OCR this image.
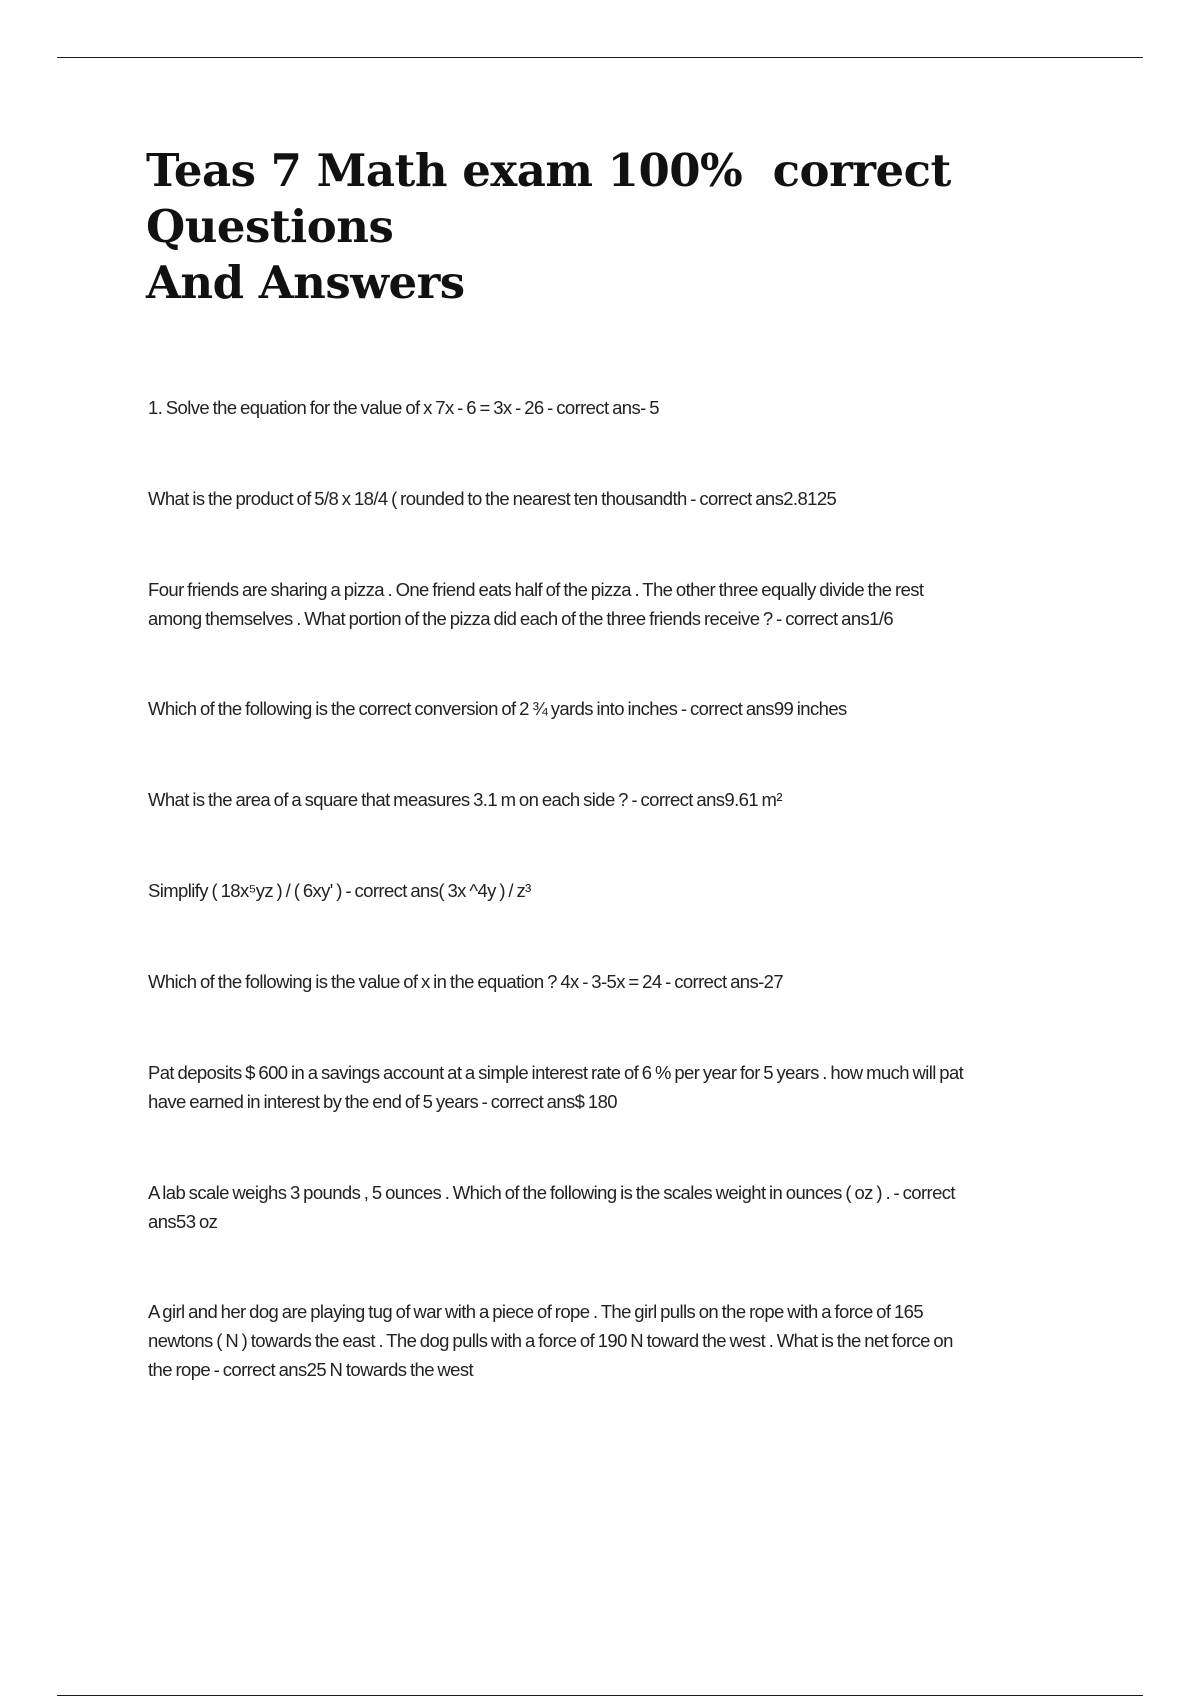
Teas 7 Math exam 100%  correct  Questions
And Answers
1. Solve the equation for the value of x 7x - 6 = 3x - 26 - correct ans- 5
What is the product of 5/8 x 18/4 ( rounded to the nearest ten thousandth - correct ans2.8125
Four friends are sharing a pizza . One friend eats half of the pizza . The other three equally divide the rest
among themselves . What portion of the pizza did each of the three friends receive ? - correct ans1/6
Which of the following is the correct conversion of 2 ¾ yards into inches - correct ans99 inches
What is the area of a square that measures 3.1 m on each side ? - correct ans9.61 m²
Simplify ( 18x⁵yz ) / ( 6xy' ) - correct ans( 3x ^4y ) / z³
Which of the following is the value of x in the equation ? 4x - 3-5x = 24 - correct ans-27
Pat deposits $ 600 in a savings account at a simple interest rate of 6 % per year for 5 years . how much will pat
have earned in interest by the end of 5 years - correct ans$ 180
A lab scale weighs 3 pounds , 5 ounces . Which of the following is the scales weight in ounces ( oz ) . - correct
ans53 oz
A girl and her dog are playing tug of war with a piece of rope . The girl pulls on the rope with a force of 165
newtons ( N ) towards the east . The dog pulls with a force of 190 N toward the west . What is the net force on
the rope - correct ans25 N towards the west
